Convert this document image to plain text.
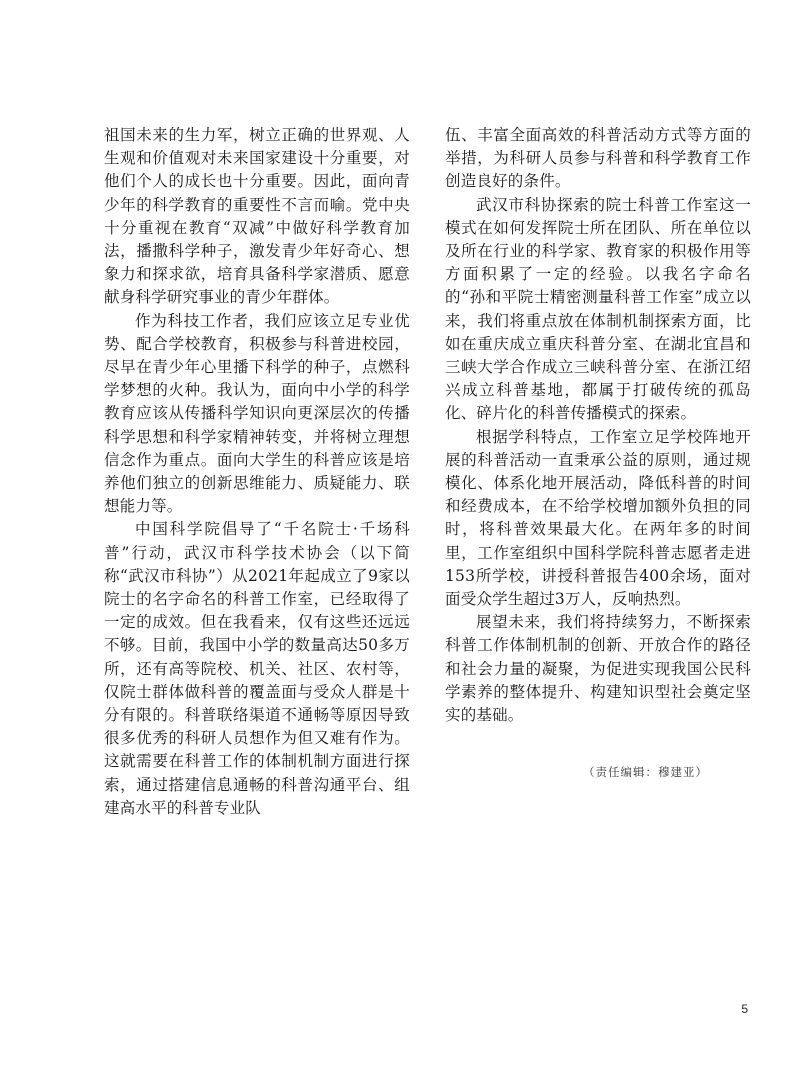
祖国未来的生力军，树立正确的世界观、人生观和价值观对未来国家建设十分重要，对他们个人的成长也十分重要。因此，面向青少年的科学教育的重要性不言而喻。党中央十分重视在教育“双减”中做好科学教育加法，播撒科学种子，激发青少年好奇心、想象力和探求欲，培育具备科学家潜质、愿意献身科学研究事业的青少年群体。

作为科技工作者，我们应该立足专业优势、配合学校教育，积极参与科普进校园，尽早在青少年心里播下科学的种子，点燃科学梦想的火种。我认为，面向中小学的科学教育应该从传播科学知识向更深层次的传播科学思想和科学家精神转变，并将树立理想信念作为重点。面向大学生的科普应该是培养他们独立的创新思维能力、质疑能力、联想能力等。

中国科学院倡导了“千名院士·千场科普”行动，武汉市科学技术协会（以下简称“武汉市科协”）从2021年起成立了9家以院士的名字命名的科普工作室，已经取得了一定的成效。但在我看来，仅有这些还远远不够。目前，我国中小学的数量高达50多万所，还有高等院校、机关、社区、农村等，仅院士群体做科普的覆盖面与受众人群是十分有限的。科普联络渠道不通畅等原因导致很多优秀的科研人员想作为但又难有作为。这就需要在科普工作的体制机制方面进行探索，通过搭建信息通畅的科普沟通平台、组建高水平的科普专业队

伍、丰富全面高效的科普活动方式等方面的举措，为科研人员参与科普和科学教育工作创造良好的条件。

武汉市科协探索的院士科普工作室这一模式在如何发挥院士所在团队、所在单位以及所在行业的科学家、教育家的积极作用等方面积累了一定的经验。以我名字命名的“孙和平院士精密测量科普工作室”成立以来，我们将重点放在体制机制探索方面，比如在重庆成立重庆科普分室、在湖北宜昌和三峡大学合作成立三峡科普分室、在浙江绍兴成立科普基地，都属于打破传统的孤岛化、碎片化的科普传播模式的探索。

根据学科特点，工作室立足学校阵地开展的科普活动一直秉承公益的原则，通过规模化、体系化地开展活动，降低科普的时间和经费成本，在不给学校增加额外负担的同时，将科普效果最大化。在两年多的时间里，工作室组织中国科学院科普志愿者走进153所学校，讲授科普报告400余场，面对面受众学生超过3万人，反响热烈。

展望未来，我们将持续努力，不断探索科普工作体制机制的创新、开放合作的路径和社会力量的凝聚，为促进实现我国公民科学素养的整体提升、构建知识型社会奠定坚实的基础。

（责任编辑：穆建亚）

5
